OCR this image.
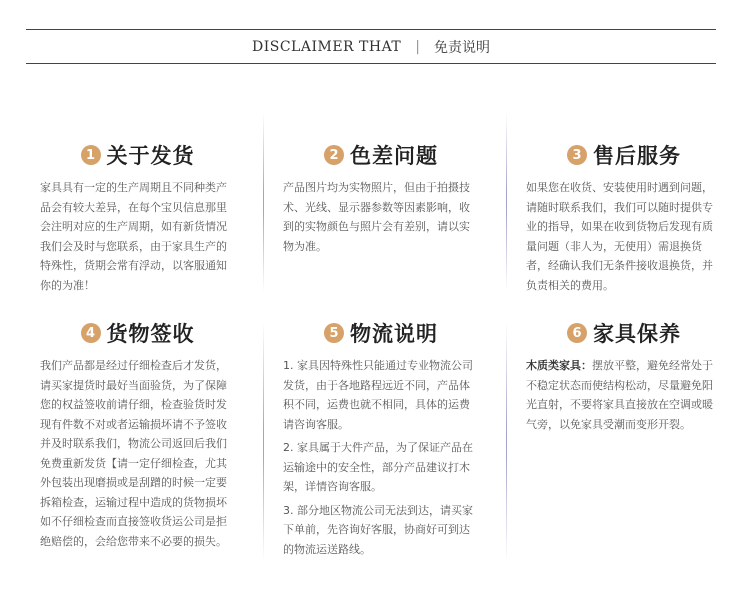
DISCLAIMER THAT | 免责说明
1 关于发货

家具具有一定的生产周期且不同种类产品会有较大差异，在每个宝贝信息那里会注明对应的生产周期，如有新货情况我们会及时与您联系，由于家具生产的特殊性，货期会常有浮动，以客服通知你的为准！

2 色差问题

产品图片均为实物照片，但由于拍摄技术、光线、显示器参数等因素影响，收到的实物颜色与照片会有差别，请以实物为准。

3 售后服务

如果您在收货、安装使用时遇到问题，请随时联系我们，我们可以随时提供专业的指导，如果在收到货物后发现有质量问题（非人为，无使用）需退换货者，经确认我们无条件接收退换货，并负责相关的费用。

4 货物签收

我们产品都是经过仔细检查后才发货，请买家提货时最好当面验货，为了保障您的权益签收前请仔细，检查验货时发现有件数不对或者运输损坏请不予签收并及时联系我们，物流公司返回后我们免费重新发货【请一定仔细检查，尤其外包装出现磨损或是刮蹭的时候一定要拆箱检查，运输过程中造成的货物损坏如不仔细检查而直接签收货运公司是拒绝赔偿的，会给您带来不必要的损失。

5 物流说明

1. 家具因特殊性只能通过专业物流公司发货，由于各地路程远近不同，产品体积不同，运费也就不相同，具体的运费请咨询客服。

2. 家具属于大件产品，为了保证产品在运输途中的安全性，部分产品建议打木架，详情咨询客服。

3. 部分地区物流公司无法到达，请买家下单前，先咨询好客服，协商好可到达的物流运送路线。

6 家具保养

木质类家具：摆放平整，避免经常处于不稳定状态而使结构松动，尽量避免阳光直射，不要将家具直接放在空调或暖气旁，以免家具受潮而变形开裂。
